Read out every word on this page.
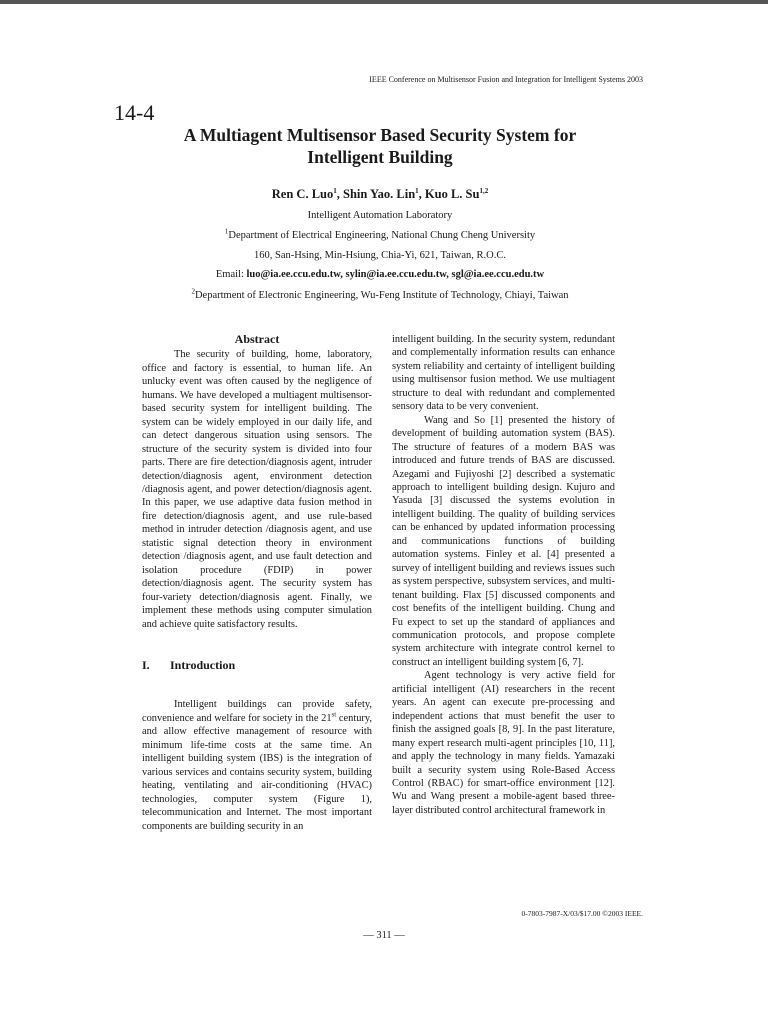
IEEE Conference on Multisensor Fusion and Integration for Intelligent Systems 2003
14-4
A Multiagent Multisensor Based Security System for
Intelligent Building
Ren C. Luo$^1$, Shin Yao. Lin$^1$, Kuo L. Su$^{1,2}$
Intelligent Automation Laboratory
$^1$Department of Electrical Engineering, National Chung Cheng University
160, San-Hsing, Min-Hsiung, Chia-Yi, 621, Taiwan, R.O.C.
Email: luo@ia.ee.ccu.edu.tw, sylin@ia.ee.ccu.edu.tw, sgl@ia.ee.ccu.edu.tw
$^2$Department of Electronic Engineering, Wu-Feng Institute of Technology, Chiayi, Taiwan
Abstract

The security of building, home, laboratory, office and factory is essential, to human life. An unlucky event was often caused by the negligence of humans. We have developed a multiagent multisensor-based security system for intelligent building. The system can be widely employed in our daily life, and can detect dangerous situation using sensors. The structure of the security system is divided into four parts. There are fire detection/diagnosis agent, intruder detection/diagnosis agent, environment detection /diagnosis agent, and power detection/diagnosis agent. In this paper, we use adaptive data fusion method in fire detection/diagnosis agent, and use rule-based method in intruder detection /diagnosis agent, and use statistic signal detection theory in environment detection /diagnosis agent, and use fault detection and isolation procedure (FDIP) in power detection/diagnosis agent. The security system has four-variety detection/diagnosis agent. Finally, we implement these methods using computer simulation and achieve quite satisfactory results.

I. Introduction

Intelligent buildings can provide safety, convenience and welfare for society in the 21st century, and allow effective management of resource with minimum life-time costs at the same time. An intelligent building system (IBS) is the integration of various services and contains security system, building heating, ventilating and air-conditioning (HVAC) technologies, computer system (Figure 1), telecommunication and Internet. The most important components are building security in an

intelligent building. In the security system, redundant and complementally information results can enhance system reliability and certainty of intelligent building using multisensor fusion method. We use multiagent structure to deal with redundant and complemented sensory data to be very convenient.

Wang and So [1] presented the history of development of building automation system (BAS). The structure of features of a modern BAS was introduced and future trends of BAS are discussed. Azegami and Fujiyoshi [2] described a systematic approach to intelligent building design. Kujuro and Yasuda [3] discussed the systems evolution in intelligent building. The quality of building services can be enhanced by updated information processing and communications functions of building automation systems. Finley et al. [4] presented a survey of intelligent building and reviews issues such as system perspective, subsystem services, and multi-tenant building. Flax [5] discussed components and cost benefits of the intelligent building. Chung and Fu expect to set up the standard of appliances and communication protocols, and propose complete system architecture with integrate control kernel to construct an intelligent building system [6, 7].

Agent technology is very active field for artificial intelligent (AI) researchers in the recent years. An agent can execute pre-processing and independent actions that must benefit the user to finish the assigned goals [8, 9]. In the past literature, many expert research multi-agent principles [10, 11], and apply the technology in many fields. Yamazaki built a security system using Role-Based Access Control (RBAC) for smart-office environment [12]. Wu and Wang present a mobile-agent based three-layer distributed control architectural framework in

0-7803-7987-X/03/$17.00 ©2003 IEEE.
— 311 —
